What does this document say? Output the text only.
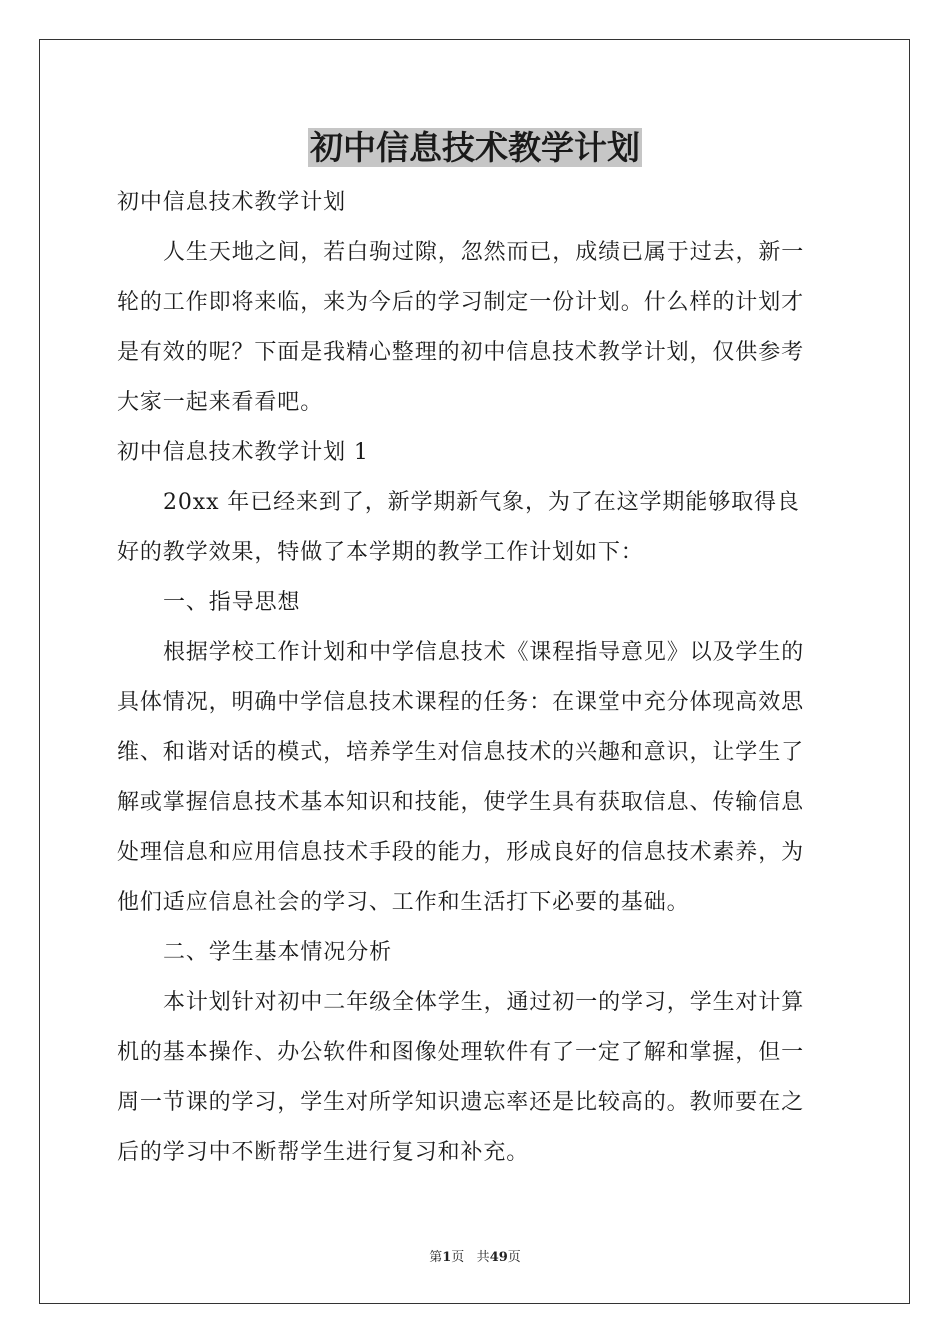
初中信息技术教学计划
初中信息技术教学计划
人生天地之间，若白驹过隙，忽然而已，成绩已属于过去，新一
轮的工作即将来临，来为今后的学习制定一份计划。什么样的计划才
是有效的呢？下面是我精心整理的初中信息技术教学计划，仅供参考
大家一起来看看吧。
初中信息技术教学计划 1
20xx 年已经来到了，新学期新气象，为了在这学期能够取得良
好的教学效果，特做了本学期的教学工作计划如下：
一、指导思想
根据学校工作计划和中学信息技术《课程指导意见》以及学生的
具体情况，明确中学信息技术课程的任务：在课堂中充分体现高效思
维、和谐对话的模式，培养学生对信息技术的兴趣和意识，让学生了
解或掌握信息技术基本知识和技能，使学生具有获取信息、传输信息
处理信息和应用信息技术手段的能力，形成良好的信息技术素养，为
他们适应信息社会的学习、工作和生活打下必要的基础。
二、学生基本情况分析
本计划针对初中二年级全体学生，通过初一的学习，学生对计算
机的基本操作、办公软件和图像处理软件有了一定了解和掌握，但一
周一节课的学习，学生对所学知识遗忘率还是比较高的。教师要在之
后的学习中不断帮学生进行复习和补充。
第1页 共49页
